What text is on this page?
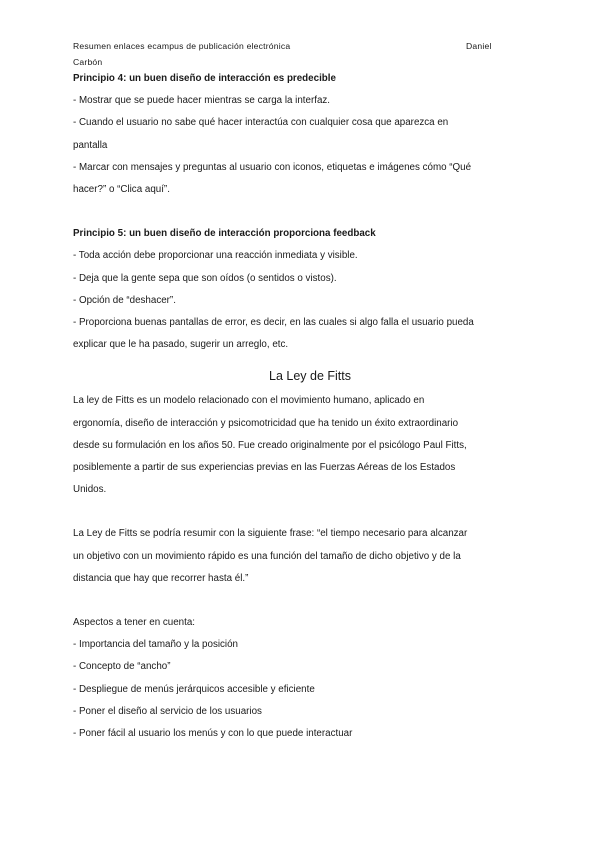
Resumen enlaces ecampus de publicación electrónica	Daniel
Carbón
Principio 4: un buen diseño de interacción es predecible
- Mostrar que se puede hacer mientras se carga la interfaz.
- Cuando el usuario no sabe qué hacer interactúa con cualquier cosa que aparezca en
pantalla
- Marcar con mensajes y preguntas al usuario con iconos, etiquetas e imágenes cómo “Qué
hacer?” o “Clica aquí”.
Principio 5: un buen diseño de interacción proporciona feedback
- Toda acción debe proporcionar una reacción inmediata y visible.
- Deja que la gente sepa que son oídos (o sentidos o vistos).
- Opción de “deshacer”.
- Proporciona buenas pantallas de error, es decir, en las cuales si algo falla el usuario pueda
explicar que le ha pasado, sugerir un arreglo, etc.
La Ley de Fitts
La ley de Fitts es un modelo relacionado con el movimiento humano, aplicado en
ergonomía, diseño de interacción y psicomotricidad que ha tenido un éxito extraordinario
desde su formulación en los años 50. Fue creado originalmente por el psicólogo Paul Fitts,
posiblemente a partir de sus experiencias previas en las Fuerzas Aéreas de los Estados
Unidos.
La Ley de Fitts se podría resumir con la siguiente frase: “el tiempo necesario para alcanzar
un objetivo con un movimiento rápido es una función del tamaño de dicho objetivo y de la
distancia que hay que recorrer hasta él.”
Aspectos a tener en cuenta:
- Importancia del tamaño y la posición
- Concepto de “ancho”
- Despliegue de menús jerárquicos accesible y eficiente
- Poner el diseño al servicio de los usuarios
- Poner fácil al usuario los menús y con lo que puede interactuar
